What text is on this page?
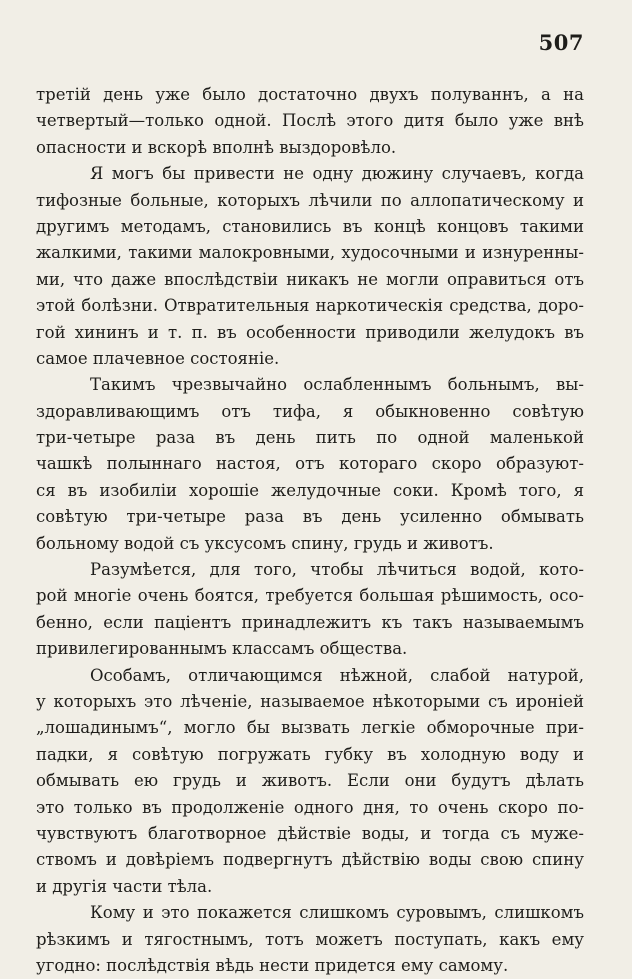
507
третій день уже было достаточно двухъ полуваннъ, а на
четвертый—только одной. Послѣ этого дитя было уже внѣ
опасности и вскорѣ вполнѣ выздоровѣло.
Я могъ бы привести не одну дюжину случаевъ, когда
тифозные больные, которыхъ лѣчили по аллопатическому и
другимъ методамъ, становились въ концѣ концовъ такими
жалкими, такими малокровными, худосочными и изнуренны-
ми, что даже впослѣдствіи никакъ не могли оправиться отъ
этой болѣзни. Отвратительныя наркотическія средства, доро-
гой хининъ и т. п. въ особенности приводили желудокъ въ
самое плачевное состояніе.
Такимъ чрезвычайно ослабленнымъ больнымъ, вы-
здоравливающимъ отъ тифа, я обыкновенно совѣтую
три-четыре раза въ день пить по одной маленькой
чашкѣ полыннаго настоя, отъ котораго скоро образуют-
ся въ изобиліи хорошіе желудочные соки. Кромѣ того, я
совѣтую три-четыре раза въ день усиленно обмывать
больному водой съ уксусомъ спину, грудь и животъ.
Разумѣется, для того, чтобы лѣчиться водой, кото-
рой многіе очень боятся, требуется большая рѣшимость, осо-
бенно, если паціентъ принадлежитъ къ такъ называемымъ
привилегированнымъ классамъ общества.
Особамъ, отличающимся нѣжной, слабой натурой,
у которыхъ это лѣченіе, называемое нѣкоторыми съ ироніей
„лошадинымъ“, могло бы вызвать легкіе обморочные при-
падки, я совѣтую погружать губку въ холодную воду и
обмывать ею грудь и животъ. Если они будутъ дѣлать
это только въ продолженіе одного дня, то очень скоро по-
чувствуютъ благотворное дѣйствіе воды, и тогда съ муже-
ствомъ и довѣріемъ подвергнутъ дѣйствію воды свою спину
и другія части тѣла.
Кому и это покажется слишкомъ суровымъ, слишкомъ
рѣзкимъ и тягостнымъ, тотъ можетъ поступать, какъ ему
угодно: послѣдствія вѣдь нести придется ему самому.
